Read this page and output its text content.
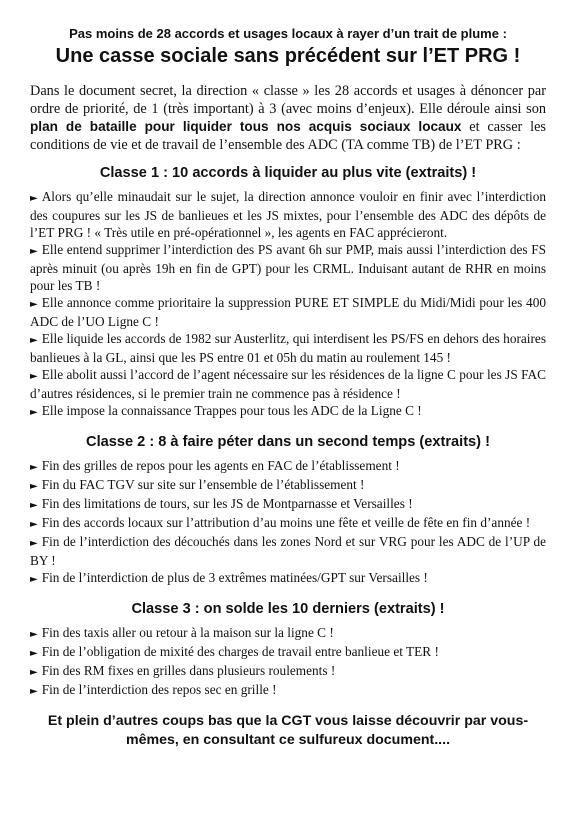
Pas moins de 28 accords et usages locaux à rayer d’un trait de plume :

Une casse sociale sans précédent sur l’ET PRG !

Dans le document secret, la direction « classe » les 28 accords et usages à dénoncer par ordre de priorité, de 1 (très important) à 3 (avec moins d’enjeux). Elle déroule ainsi son plan de bataille pour liquider tous nos acquis sociaux locaux et casser les conditions de vie et de travail de l’ensemble des ADC (TA comme TB) de l’ET PRG :

Classe 1 : 10 accords à liquider au plus vite (extraits) !
► Alors qu’elle minaudait sur le sujet, la direction annonce vouloir en finir avec l’interdiction des coupures sur les JS de banlieues et les JS mixtes, pour l’ensemble des ADC des dépôts de l’ET PRG ! « Très utile en pré-opérationnel », les agents en FAC apprécieront.
► Elle entend supprimer l’interdiction des PS avant 6h sur PMP, mais aussi l’interdiction des FS après minuit (ou après 19h en fin de GPT) pour les CRML. Induisant autant de RHR en moins pour les TB !
► Elle annonce comme prioritaire la suppression PURE ET SIMPLE du Midi/Midi pour les 400 ADC de l’UO Ligne C !
► Elle liquide les accords de 1982 sur Austerlitz, qui interdisent les PS/FS en dehors des horaires banlieues à la GL, ainsi que les PS entre 01 et 05h du matin au roulement 145 !
► Elle abolit aussi l’accord de l’agent nécessaire sur les résidences de la ligne C pour les JS FAC d’autres résidences, si le premier train ne commence pas à résidence !
► Elle impose la connaissance Trappes pour tous les ADC de la Ligne C !
Classe 2 : 8 à faire péter dans un second temps (extraits) !
► Fin des grilles de repos pour les agents en FAC de l’établissement !
► Fin du FAC TGV sur site sur l’ensemble de l’établissement !
► Fin des limitations de tours, sur les JS de Montparnasse et Versailles !
► Fin des accords locaux sur l’attribution d’au moins une fête et veille de fête en fin d’année !
► Fin de l’interdiction des découchés dans les zones Nord et sur VRG pour les ADC de l’UP de BY !
► Fin de l’interdiction de plus de 3 extrêmes matinées/GPT sur Versailles !
Classe 3 : on solde les 10 derniers (extraits) !
► Fin des taxis aller ou retour à la maison sur la ligne C !
► Fin de l’obligation de mixité des charges de travail entre banlieue et TER !
► Fin des RM fixes en grilles dans plusieurs roulements !
► Fin de l’interdiction des repos sec en grille !

Et plein d’autres coups bas que la CGT vous laisse découvrir par vous-mêmes, en consultant ce sulfureux document....
